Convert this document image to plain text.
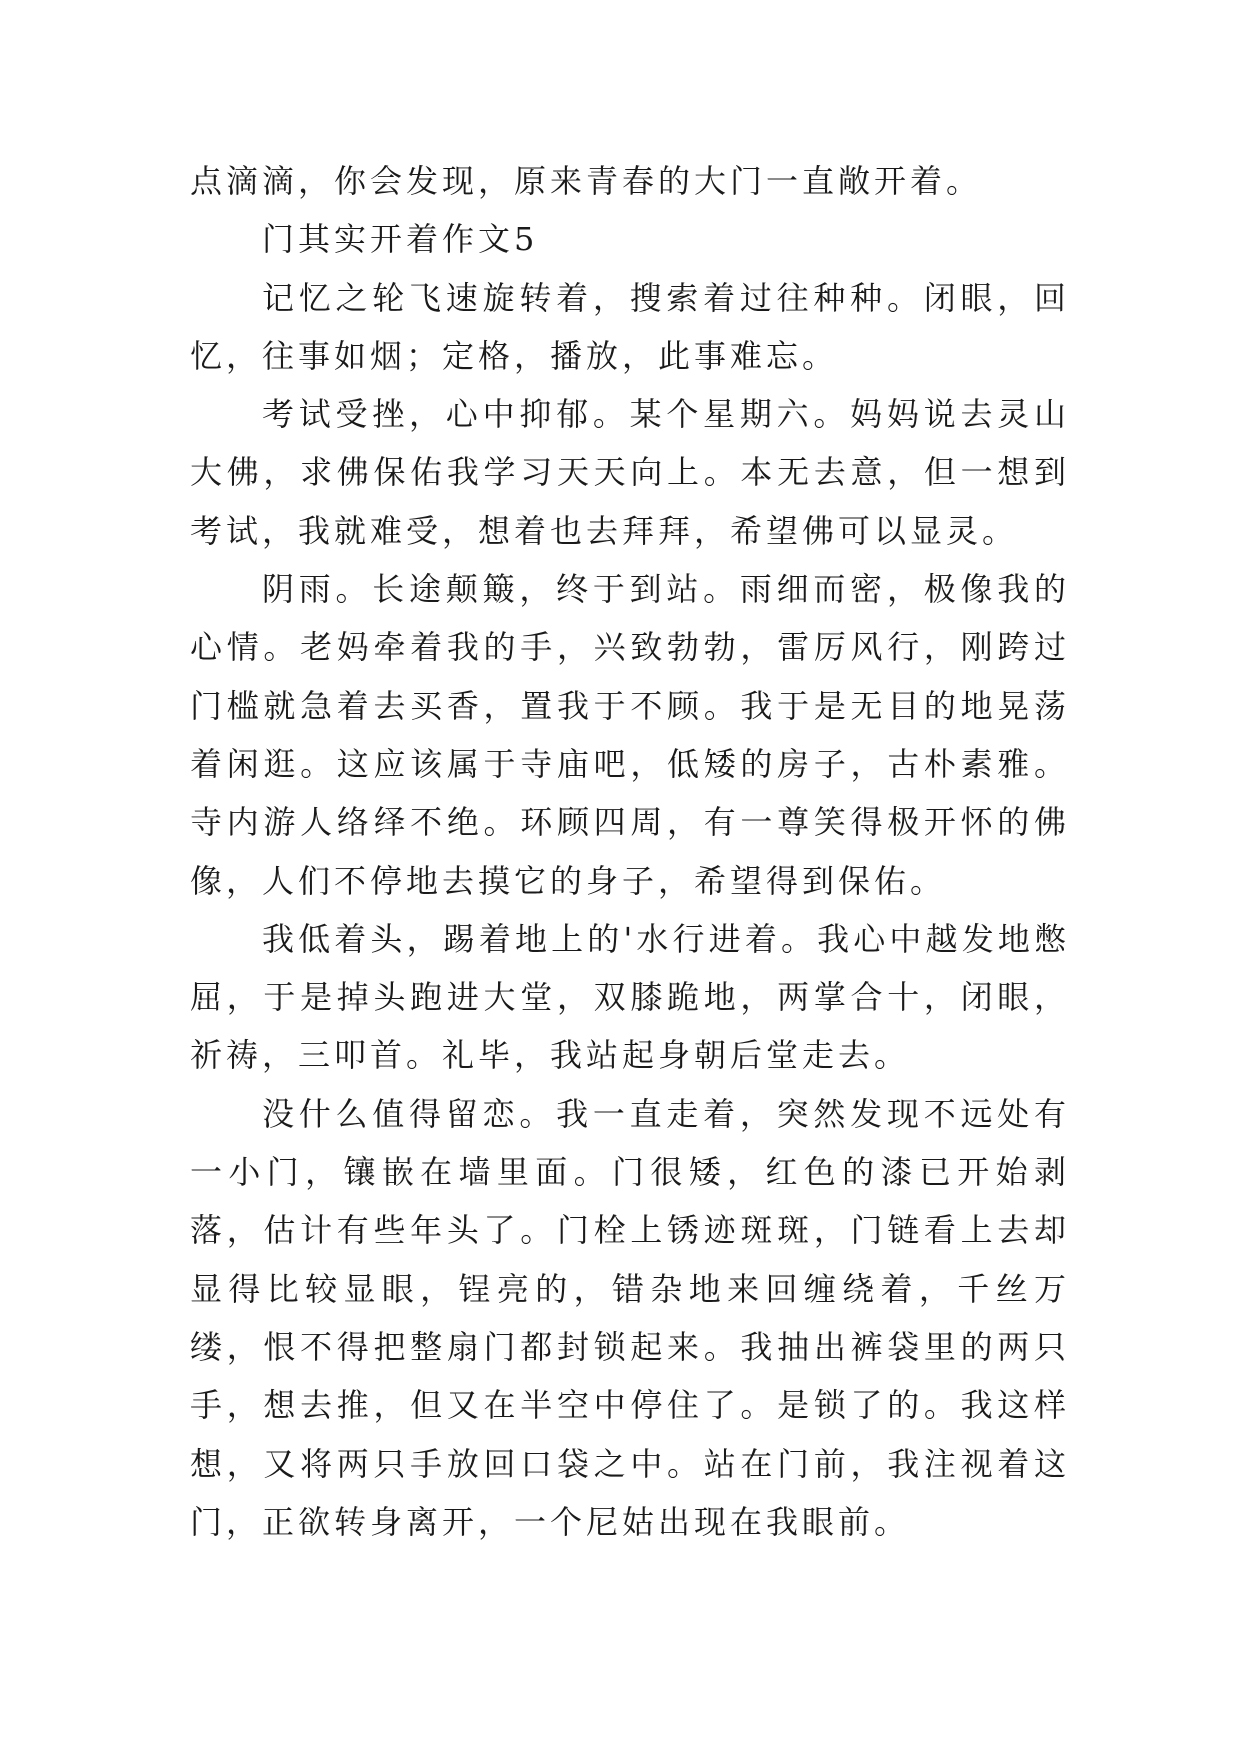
点滴滴，你会发现，原来青春的大门一直敞开着。

门其实开着作文5

记忆之轮飞速旋转着，搜索着过往种种。闭眼，回忆，往事如烟；定格，播放，此事难忘。

考试受挫，心中抑郁。某个星期六。妈妈说去灵山大佛，求佛保佑我学习天天向上。本无去意，但一想到考试，我就难受，想着也去拜拜，希望佛可以显灵。

阴雨。长途颠簸，终于到站。雨细而密，极像我的心情。老妈牵着我的手，兴致勃勃，雷厉风行，刚跨过门槛就急着去买香，置我于不顾。我于是无目的地晃荡着闲逛。这应该属于寺庙吧，低矮的房子，古朴素雅。寺内游人络绎不绝。环顾四周，有一尊笑得极开怀的佛像，人们不停地去摸它的身子，希望得到保佑。

我低着头，踢着地上的'水行进着。我心中越发地憋屈，于是掉头跑进大堂，双膝跪地，两掌合十，闭眼，祈祷，三叩首。礼毕，我站起身朝后堂走去。

没什么值得留恋。我一直走着，突然发现不远处有一小门，镶嵌在墙里面。门很矮，红色的漆已开始剥落，估计有些年头了。门栓上锈迹斑斑，门链看上去却显得比较显眼，锃亮的，错杂地来回缠绕着，千丝万缕，恨不得把整扇门都封锁起来。我抽出裤袋里的两只手，想去推，但又在半空中停住了。是锁了的。我这样想，又将两只手放回口袋之中。站在门前，我注视着这门，正欲转身离开，一个尼姑出现在我眼前。
